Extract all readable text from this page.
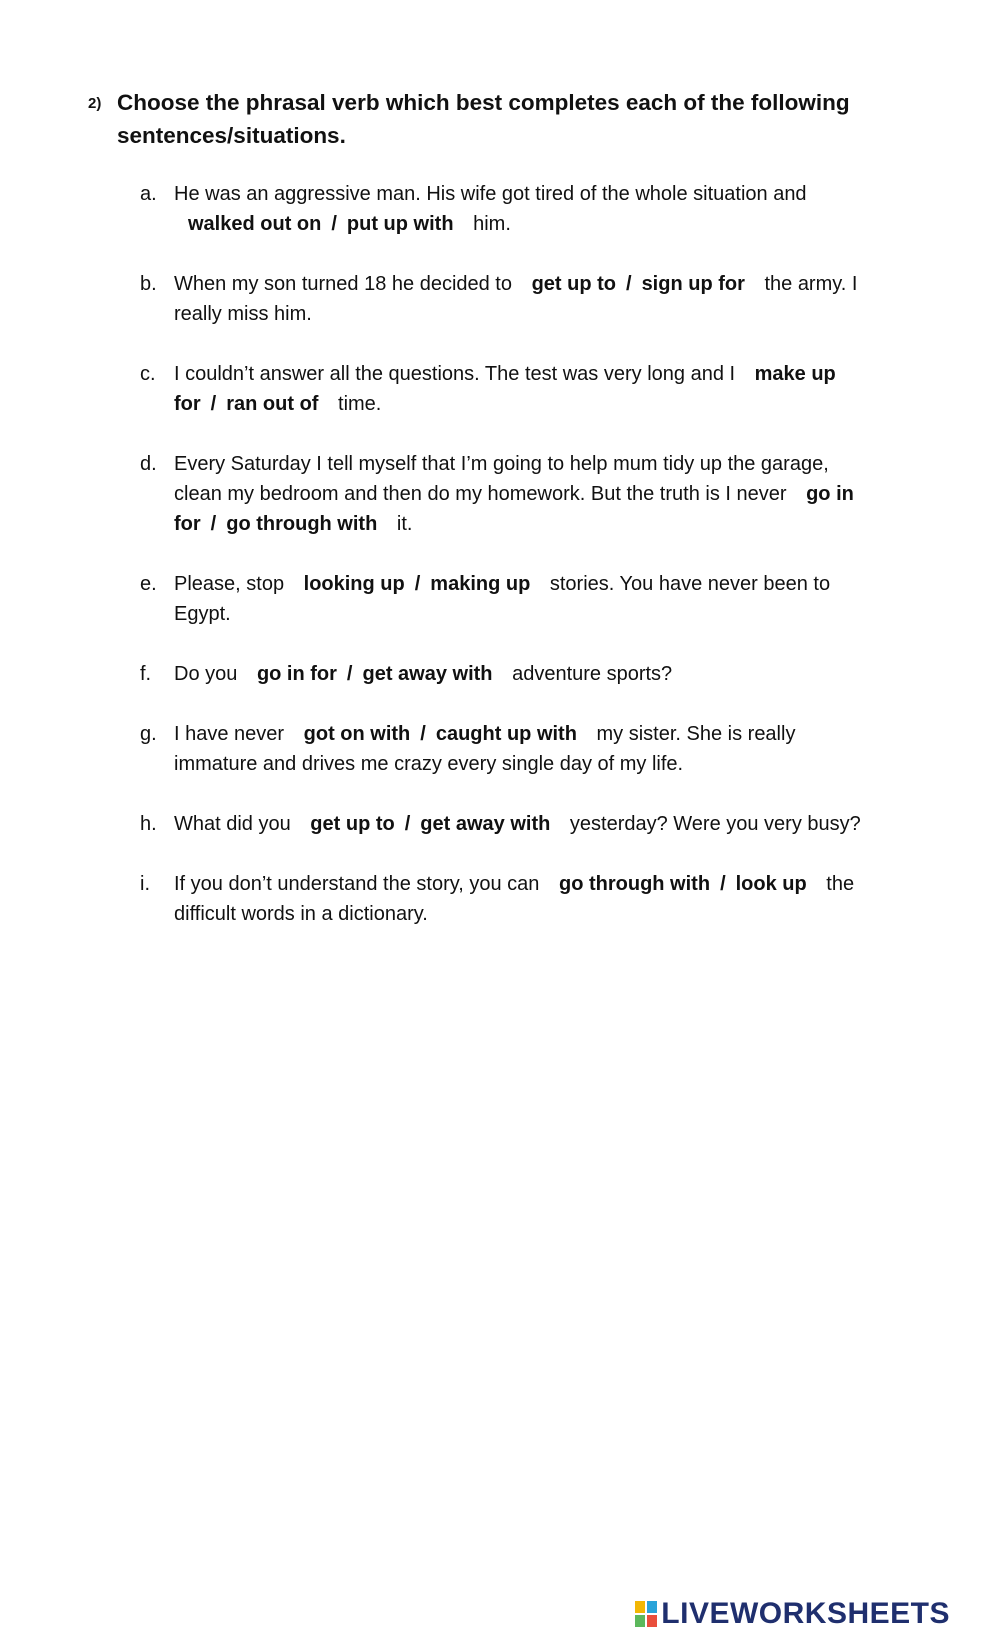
2) Choose the phrasal verb which best completes each of the following sentences/situations.
a. He was an aggressive man. His wife got tired of the whole situation and walked out on / put up with him.
b. When my son turned 18 he decided to get up to / sign up for the army. I really miss him.
c. I couldn’t answer all the questions. The test was very long and I make up for / ran out of time.
d. Every Saturday I tell myself that I’m going to help mum tidy up the garage, clean my bedroom and then do my homework. But the truth is I never go in for / go through with it.
e. Please, stop looking up / making up stories. You have never been to Egypt.
f.	Do you go in for / get away with adventure sports?
g. I have never got on with / caught up with my sister. She is really immature and drives me crazy every single day of my life.
h. What did you get up to / get away with yesterday? Were you very busy?
i.	If you don’t understand the story, you can go through with / look up the difficult words in a dictionary.
LIVEWORKSHEETS
